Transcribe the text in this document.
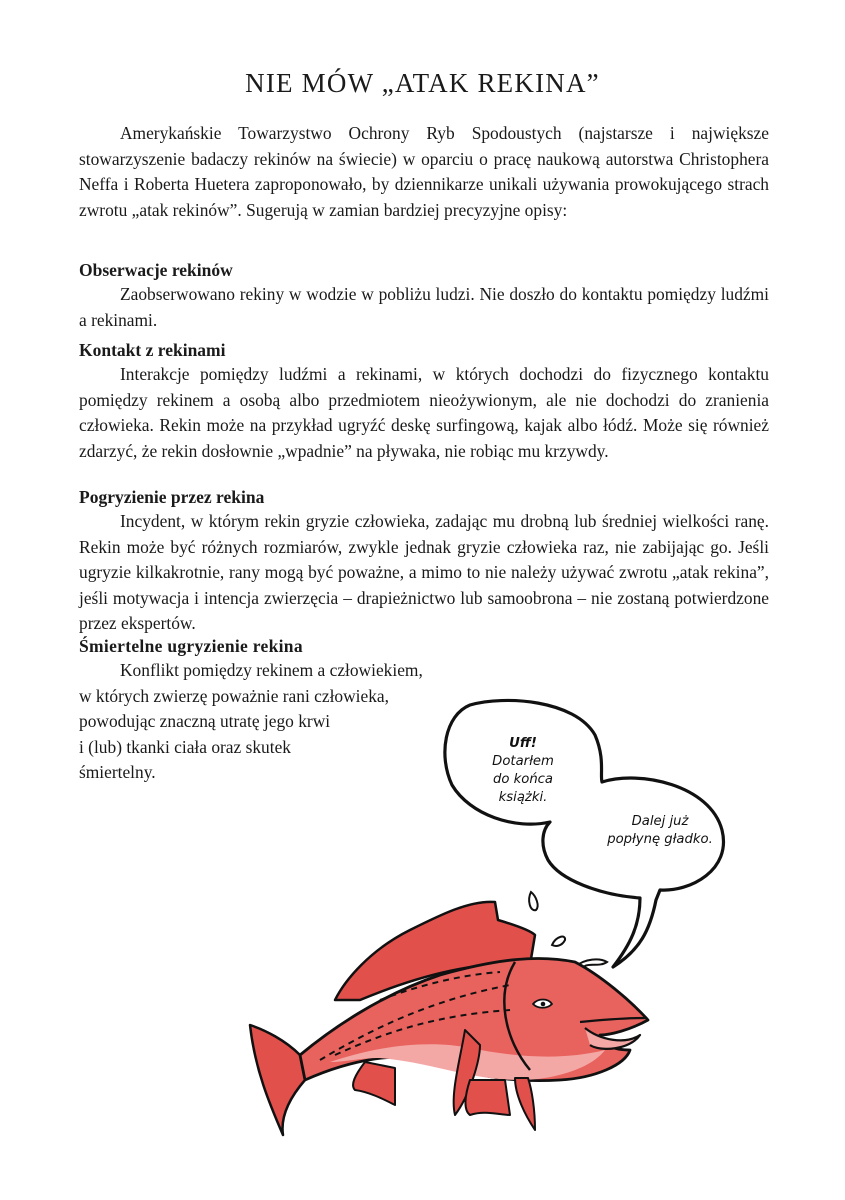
NIE MÓW „ATAK REKINA”

Amerykańskie Towarzystwo Ochrony Ryb Spodoustych (najstarsze i największe stowarzyszenie badaczy rekinów na świecie) w oparciu o pracę naukową autorstwa Christophera Neffa i Roberta Huetera zaproponowało, by dziennikarze unikali używania prowokującego strach zwrotu „atak rekinów”. Sugerują w zamian bardziej precyzyjne opisy:

Obserwacje rekinów

Zaobserwowano rekiny w wodzie w pobliżu ludzi. Nie doszło do kontaktu pomiędzy ludźmi a rekinami.

Kontakt z rekinami

Interakcje pomiędzy ludźmi a rekinami, w których dochodzi do fizycznego kontaktu pomiędzy rekinem a osobą albo przedmiotem nieożywionym, ale nie dochodzi do zranienia człowieka. Rekin może na przykład ugryźć deskę surfingową, kajak albo łódź. Może się również zdarzyć, że rekin dosłownie „wpadnie” na pływaka, nie robiąc mu krzywdy.

Pogryzienie przez rekina

Incydent, w którym rekin gryzie człowieka, zadając mu drobną lub średniej wielkości ranę. Rekin może być różnych rozmiarów, zwykle jednak gryzie człowieka raz, nie zabijając go. Jeśli ugryzie kilkakrotnie, rany mogą być poważne, a mimo to nie należy używać zwrotu „atak rekina”, jeśli motywacja i intencja zwierzęcia – drapieżnictwo lub samoobrona – nie zostaną potwierdzone przez ekspertów.

Śmiertelne ugryzienie rekina

Konflikt pomiędzy rekinem a człowiekiem,

w których zwierzę poważnie rani człowieka,

powodując znaczną utratę jego krwi

i (lub) tkanki ciała oraz skutek

śmiertelny.

Uff!
Dotarłem
do końca
książki.
Dalej już
popłynę gładko.
